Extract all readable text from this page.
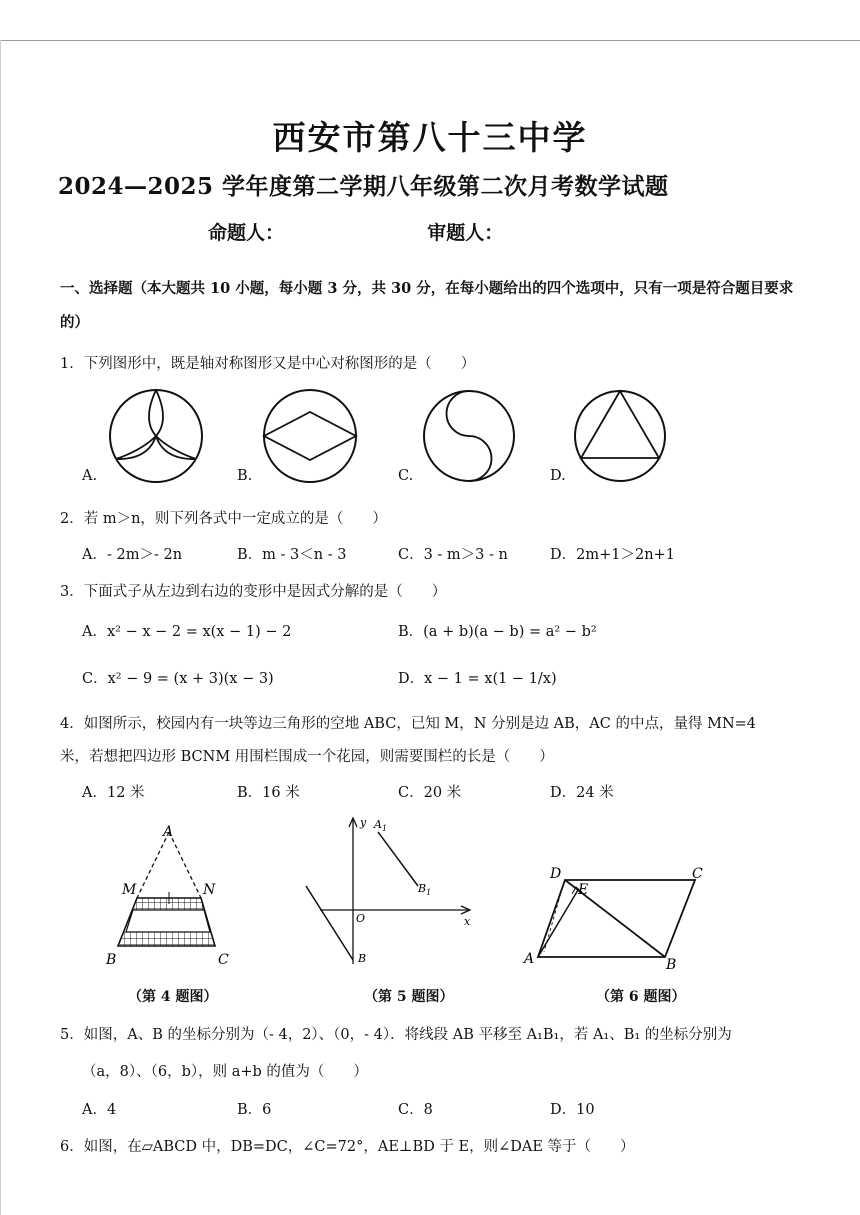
西安市第八十三中学
2024—2025 学年度第二学期八年级第二次月考数学试题
命题人：	审题人：
一、选择题（本大题共 10 小题，每小题 3 分，共 30 分，在每小题给出的四个选项中，只有一项是符合题目要求的）
1．下列图形中，既是轴对称图形又是中心对称图形的是（　　）
A.	B.	C.	D.
2．若 m＞n，则下列各式中一定成立的是（　　）
A．- 2m＞- 2n	B．m - 3＜n - 3	C．3 - m＞3 - n	D．2m+1＞2n+1
3．下面式子从左边到右边的变形中是因式分解的是（　　）
A．x² − x − 2 = x(x − 1) − 2	B．(a + b)(a − b) = a² − b²
C．x² − 9 = (x + 3)(x − 3)	D．x − 1 = x(1 − 1/x)
4．如图所示，校园内有一块等边三角形的空地 ABC，已知 M，N 分别是边 AB，AC 的中点，量得 MN=4
米，若想把四边形 BCNM 用围栏围成一个花园，则需要围栏的长是（　　）
A．12 米	B．16 米	C．20 米	D．24 米
A
M	N
B	C
y
x
O
$A_1$
$B_1$
B
D
E
C
A	B
（第 4 题图）	（第 5 题图）	（第 6 题图）
5．如图，A、B 的坐标分别为（- 4，2）、（0，- 4）．将线段 AB 平移至 A₁B₁，若 A₁、B₁ 的坐标分别为
（a，8）、（6，b），则 a+b 的值为（　　）
A．4	B．6	C．8	D．10
6．如图，在▱ABCD 中，DB=DC，∠C=72°，AE⊥BD 于 E，则∠DAE 等于（　　）
